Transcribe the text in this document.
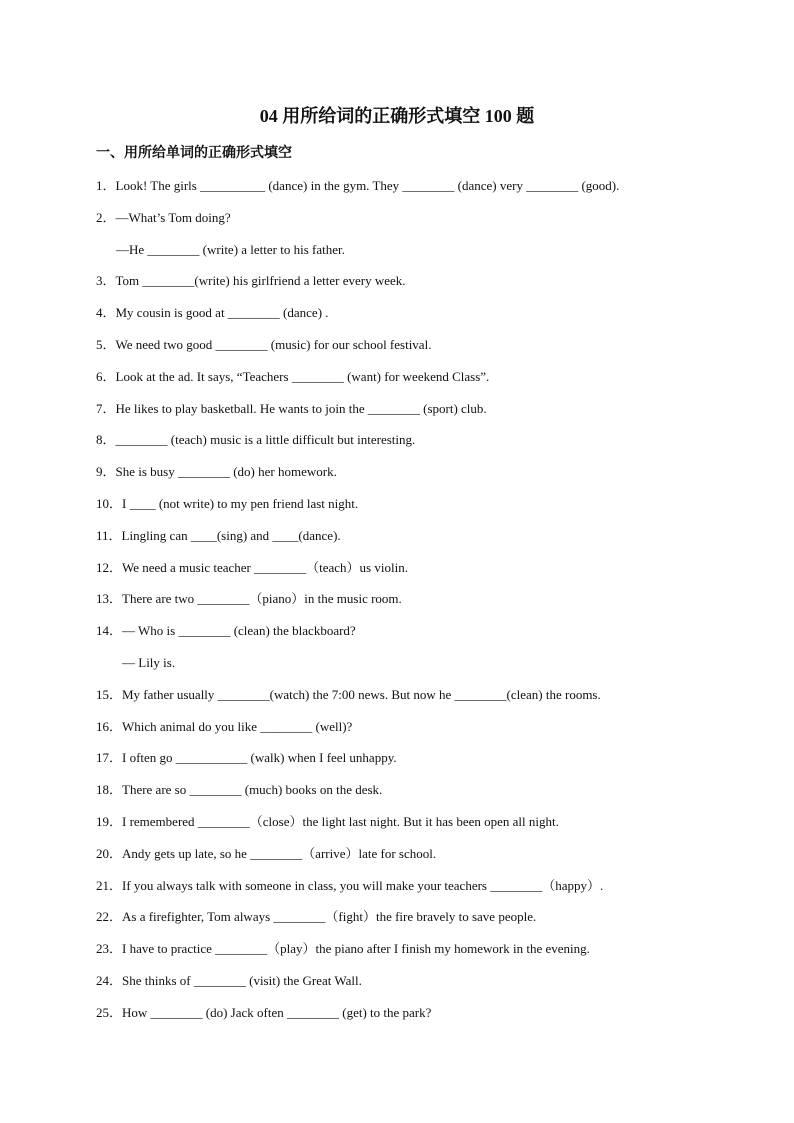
04 用所给词的正确形式填空 100 题
一、用所给单词的正确形式填空
1．Look! The girls __________ (dance) in the gym. They ________ (dance) very ________ (good).
2．—What’s Tom doing?
—He ________ (write) a letter to his father.
3．Tom ________(write) his girlfriend a letter every week.
4．My cousin is good at ________ (dance) .
5．We need two good ________ (music) for our school festival.
6．Look at the ad. It says, “Teachers ________ (want) for weekend Class”.
7．He likes to play basketball. He wants to join the ________ (sport) club.
8．________ (teach) music is a little difficult but interesting.
9．She is busy ________ (do) her homework.
10．I ____ (not write) to my pen friend last night.
11．Lingling can ____(sing) and ____(dance).
12．We need a music teacher ________（teach）us violin.
13．There are two ________（piano）in the music room.
14．— Who is ________ (clean) the blackboard?
— Lily is.
15．My father usually ________(watch) the 7:00 news. But now he ________(clean) the rooms.
16．Which animal do you like ________ (well)?
17．I often go ___________ (walk) when I feel unhappy.
18．There are so ________ (much) books on the desk.
19．I remembered ________（close）the light last night. But it has been open all night.
20．Andy gets up late, so he ________（arrive）late for school.
21．If you always talk with someone in class, you will make your teachers ________（happy）.
22．As a firefighter, Tom always ________（fight）the fire bravely to save people.
23．I have to practice ________（play）the piano after I finish my homework in the evening.
24．She thinks of ________ (visit) the Great Wall.
25．How ________ (do) Jack often ________ (get) to the park?
